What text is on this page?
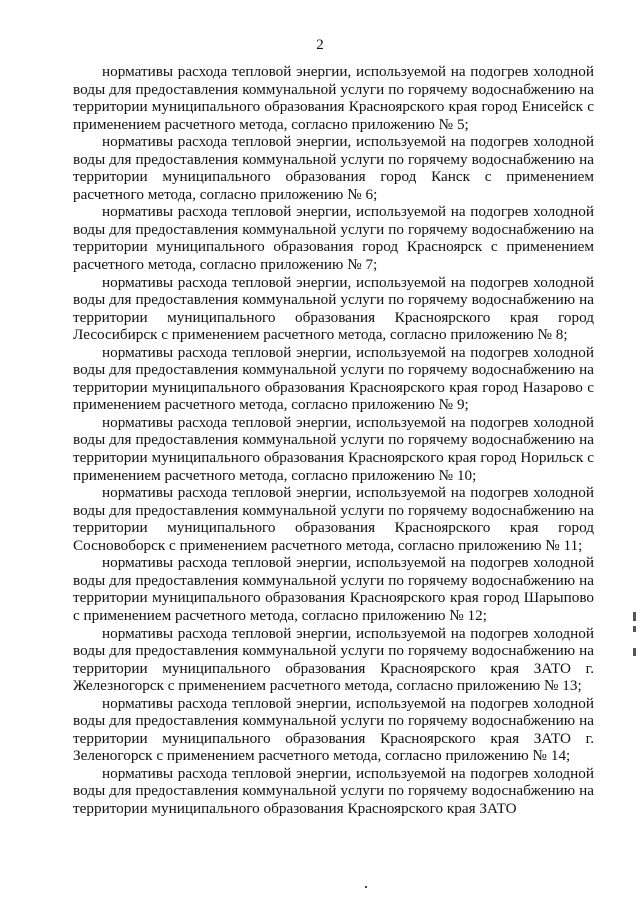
2

нормативы расхода тепловой энергии, используемой на подогрев холодной воды для предоставления коммунальной услуги по горячему водоснабжению на территории муниципального образования Красноярского края город Енисейск с применением расчетного метода, согласно приложению № 5;

нормативы расхода тепловой энергии, используемой на подогрев холодной воды для предоставления коммунальной услуги по горячему водоснабжению на территории муниципального образования город Канск с применением расчетного метода, согласно приложению № 6;

нормативы расхода тепловой энергии, используемой на подогрев холодной воды для предоставления коммунальной услуги по горячему водоснабжению на территории муниципального образования город Красноярск с применением расчетного метода, согласно приложению № 7;

нормативы расхода тепловой энергии, используемой на подогрев холодной воды для предоставления коммунальной услуги по горячему водоснабжению на территории муниципального образования Красноярского края город Лесосибирск с применением расчетного метода, согласно приложению № 8;

нормативы расхода тепловой энергии, используемой на подогрев холодной воды для предоставления коммунальной услуги по горячему водоснабжению на территории муниципального образования Красноярского края город Назарово с применением расчетного метода, согласно приложению № 9;

нормативы расхода тепловой энергии, используемой на подогрев холодной воды для предоставления коммунальной услуги по горячему водоснабжению на территории муниципального образования Красноярского края город Норильск с применением расчетного метода, согласно приложению № 10;

нормативы расхода тепловой энергии, используемой на подогрев холодной воды для предоставления коммунальной услуги по горячему водоснабжению на территории муниципального образования Красноярского края город Сосновоборск с применением расчетного метода, согласно приложению № 11;

нормативы расхода тепловой энергии, используемой на подогрев холодной воды для предоставления коммунальной услуги по горячему водоснабжению на территории муниципального образования Красноярского края город Шарыпово с применением расчетного метода, согласно приложению № 12;

нормативы расхода тепловой энергии, используемой на подогрев холодной воды для предоставления коммунальной услуги по горячему водоснабжению на территории муниципального образования Красноярского края ЗАТО г. Железногорск с применением расчетного метода, согласно приложению № 13;

нормативы расхода тепловой энергии, используемой на подогрев холодной воды для предоставления коммунальной услуги по горячему водоснабжению на территории муниципального образования Красноярского края ЗАТО г. Зеленогорск с применением расчетного метода, согласно приложению № 14;

нормативы расхода тепловой энергии, используемой на подогрев холодной воды для предоставления коммунальной услуги по горячему водоснабжению на территории муниципального образования Красноярского края ЗАТО
